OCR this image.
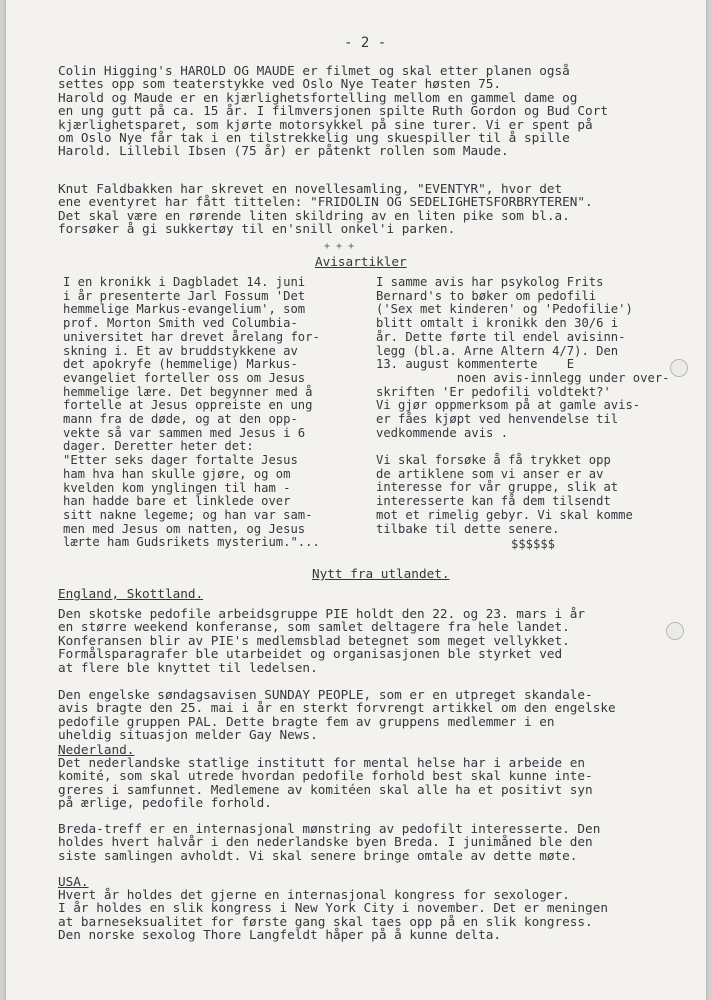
- 2 -
Colin Higging's HAROLD OG MAUDE er filmet og skal etter planen også
settes opp som teaterstykke ved Oslo Nye Teater høsten 75.
Harold og Maude er en kjærlighetsfortelling mellom en gammel dame og
en ung gutt på ca. 15 år. I filmversjonen spilte Ruth Gordon og Bud Cort
kjærlighetsparet, som kjørte motorsykkel på sine turer. Vi er spent på
om Oslo Nye får tak i en tilstrekkelig ung skuespiller til å spille
Harold. Lillebil Ibsen (75 år) er påtenkt rollen som Maude.
Knut Faldbakken har skrevet en novellesamling, "EVENTYR", hvor det
ene eventyret har fått tittelen: "FRIDOLIN OG SEDELIGHETSFORBRYTEREN".
Det skal være en rørende liten skildring av en liten pike som bl.a.
forsøker å gi sukkertøy til en'snill onkel'i parken.
+ + +
Avisartikler
I en kronikk i Dagbladet 14. juni
i år presenterte Jarl Fossum 'Det
hemmelige Markus-evangelium', som
prof. Morton Smith ved Columbia-
universitet har drevet årelang for-
skning i. Et av bruddstykkene av
det apokryfe (hemmelige) Markus-
evangeliet forteller oss om Jesus
hemmelige lære. Det begynner med å
fortelle at Jesus oppreiste en ung
mann fra de døde, og at den opp-
vekte så var sammen med Jesus i 6
dager. Deretter heter det:
"Etter seks dager fortalte Jesus
ham hva han skulle gjøre, og om
kvelden kom ynglingen til ham -
han hadde bare et linklede over
sitt nakne legeme; og han var sam-
men med Jesus om natten, og Jesus
lærte ham Gudsrikets mysterium."...
I samme avis har psykolog Frits
Bernard's to bøker om pedofili
('Sex met kinderen' og 'Pedofilie')
blitt omtalt i kronikk den 30/6 i
år. Dette førte til endel avisinn-
legg (bl.a. Arne Altern 4/7). Den
13. august kommenterte    E
noen avis-innlegg under over-
skriften 'Er pedofili voldtekt?'
Vi gjør oppmerksom på at gamle avis-
er fåes kjøpt ved henvendelse til
vedkommende avis .
Vi skal forsøke å få trykket opp
de artiklene som vi anser er av
interesse for vår gruppe, slik at
interesserte kan få dem tilsendt
mot et rimelig gebyr. Vi skal komme
tilbake til dette senere.
$$$$$$
Nytt fra utlandet.
England, Skottland.
Den skotske pedofile arbeidsgruppe PIE holdt den 22. og 23. mars i år
en større weekend konferanse, som samlet deltagere fra hele landet.
Konferansen blir av PIE's medlemsblad betegnet som meget vellykket.
Formålsparagrafer ble utarbeidet og organisasjonen ble styrket ved
at flere ble knyttet til ledelsen.
Den engelske søndagsavisen SUNDAY PEOPLE, som er en utpreget skandale-
avis bragte den 25. mai i år en sterkt forvrengt artikkel om den engelske
pedofile gruppen PAL. Dette bragte fem av gruppens medlemmer i en
uheldig situasjon melder Gay News.
Nederland.
Det nederlandske statlige institutt for mental helse har i arbeide en
komité, som skal utrede hvordan pedofile forhold best skal kunne inte-
greres i samfunnet. Medlemene av komitéen skal alle ha et positivt syn
på ærlige, pedofile forhold.
Breda-treff er en internasjonal mønstring av pedofilt interesserte. Den
holdes hvert halvår i den nederlandske byen Breda. I junimåned ble den
siste samlingen avholdt. Vi skal senere bringe omtale av dette møte.
USA.
Hvert år holdes det gjerne en internasjonal kongress for sexologer.
I år holdes en slik kongress i New York City i november. Det er meningen
at barneseksualitet for første gang skal taes opp på en slik kongress.
Den norske sexolog Thore Langfeldt håper på å kunne delta.
